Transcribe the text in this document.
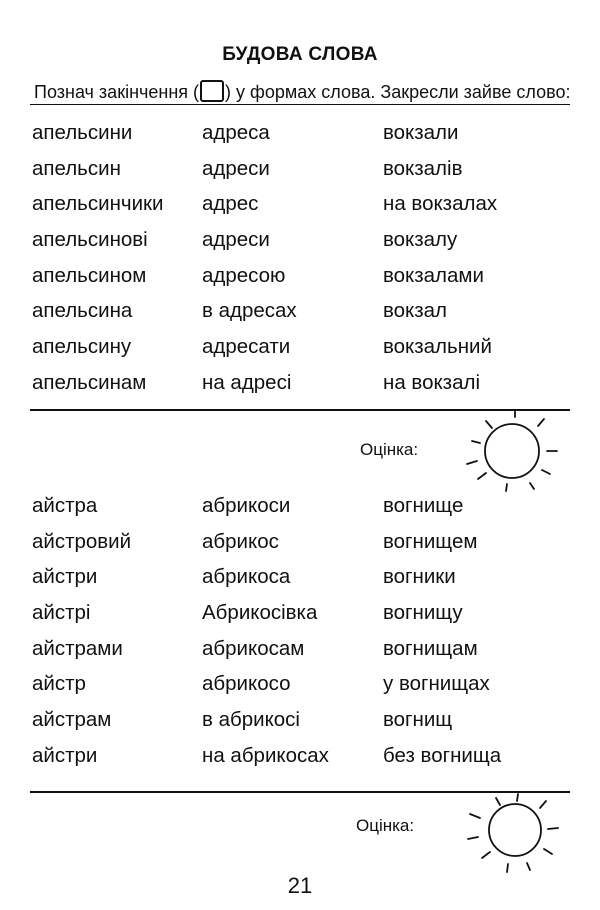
БУДОВА СЛОВА
Познач закінчення ( ) у формах слова. Закресли зайве слово:
апельсини	адреса	вокзали
апельсин	адреси	вокзалів
апельсинчики	адрес	на вокзалах
апельсинові	адреси	вокзалу
апельсином	адресою	вокзалами
апельсина	в адресах	вокзал
апельсину	адресати	вокзальний
апельсинам	на адресі	на вокзалі
Оцінка:
айстра	абрикоси	вогнище
айстровий	абрикос	вогнищем
айстри	абрикоса	вогники
айстрі	Абрикосівка	вогнищу
айстрами	абрикосам	вогнищам
айстр	абрикосо	у вогнищах
айстрам	в абрикосі	вогнищ
айстри	на абрикосах	без вогнища
Оцінка:
21
